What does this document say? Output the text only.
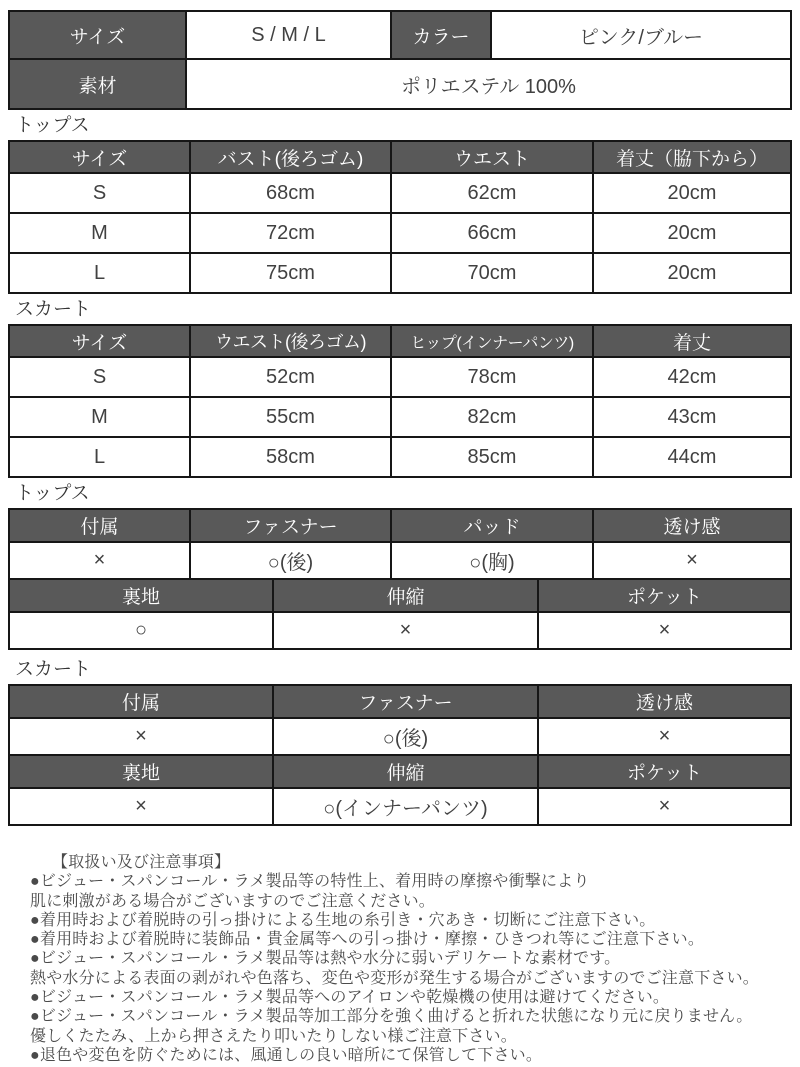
サイズ	S / M / L	カラー	ピンク/ブルー
素材	ポリエステル 100%		
トップス
サイズ	バスト(後ろゴム)	ウエスト	着丈（脇下から）
S	68cm	62cm	20cm
M	72cm	66cm	20cm
L	75cm	70cm	20cm
スカート
サイズ	ウエスト(後ろゴム)	ヒップ(インナーパンツ)	着丈
S	52cm	78cm	42cm
M	55cm	82cm	43cm
L	58cm	85cm	44cm
トップス
付属	ファスナー	パッド	透け感
×	○(後)	○(胸)	×
裏地	伸縮	ポケット
○	×	×
スカート
付属	ファスナー	透け感
×	○(後)	×
裏地	伸縮	ポケット
×	○(インナーパンツ)	×
【取扱い及び注意事項】
●ビジュー・スパンコール・ラメ製品等の特性上、着用時の摩擦や衝撃により
肌に刺激がある場合がございますのでご注意ください。
●着用時および着脱時の引っ掛けによる生地の糸引き・穴あき・切断にご注意下さい。
●着用時および着脱時に装飾品・貴金属等への引っ掛け・摩擦・ひきつれ等にご注意下さい。
●ビジュー・スパンコール・ラメ製品等は熱や水分に弱いデリケートな素材です。
熱や水分による表面の剥がれや色落ち、変色や変形が発生する場合がございますのでご注意下さい。
●ビジュー・スパンコール・ラメ製品等へのアイロンや乾燥機の使用は避けてください。
●ビジュー・スパンコール・ラメ製品等加工部分を強く曲げると折れた状態になり元に戻りません。
優しくたたみ、上から押さえたり叩いたりしない様ご注意下さい。
●退色や変色を防ぐためには、風通しの良い暗所にて保管して下さい。
